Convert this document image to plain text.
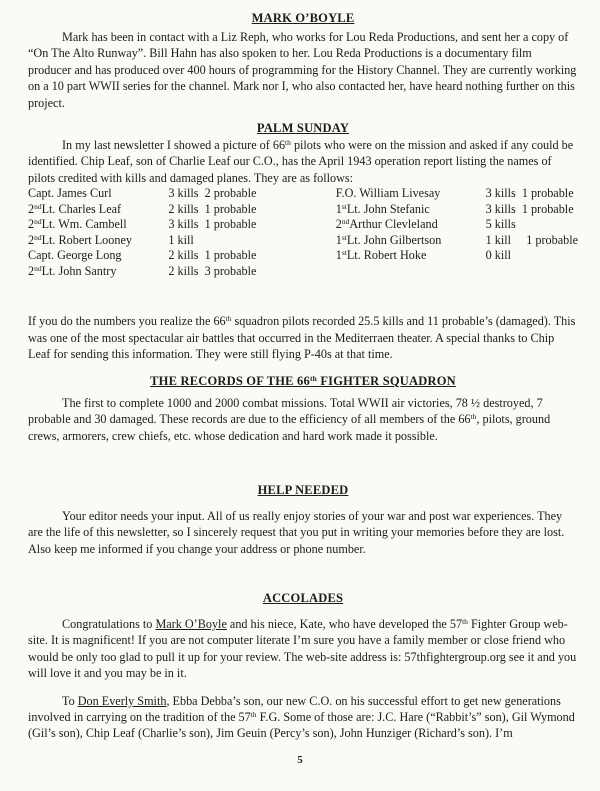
MARK O’BOYLE

Mark has been in contact with a Liz Reph, who works for Lou Reda Productions, and sent her a copy of “On The Alto Runway”. Bill Hahn has also spoken to her. Lou Reda Productions is a documentary film producer and has produced over 400 hours of programming for the History Channel. They are currently working on a 10 part WWII series for the channel. Mark nor I, who also contacted her, have heard nothing further on this project.

PALM SUNDAY

In my last newsletter I showed a picture of 66th pilots who were on the mission and asked if any could be identified. Chip Leaf, son of Charlie Leaf our C.O., has the April 1943 operation report listing the names of pilots credited with kills and damaged planes. They are as follows:

Capt. James Curl	3 kills  2 probable	F.O. William Livesay	3 kills  1 probable
2ndLt. Charles Leaf	2 kills  1 probable	1stLt. John Stefanic	3 kills  1 probable
2ndLt. Wm. Cambell	3 kills  1 probable	2ndArthur Clevleland	5 kills
2ndLt. Robert Looney	1 kill	1stLt. John Gilbertson	1 kill     1 probable
Capt. George Long	2 kills  1 probable	1stLt. Robert Hoke	0 kill
2ndLt. John Santry	2 kills  3 probable		

If you do the numbers you realize the 66th squadron pilots recorded 25.5 kills and 11 probable’s (damaged). This was one of the most spectacular air battles that occurred in the Mediterraen theater. A special thanks to Chip Leaf for sending this information. They were still flying P-40s at that time.

THE RECORDS OF THE 66th FIGHTER SQUADRON

The first to complete 1000 and 2000 combat missions. Total WWII air victories, 78 ½ destroyed, 7 probable and 30 damaged. These records are due to the efficiency of all members of the 66th, pilots, ground crews, armorers, crew chiefs, etc. whose dedication and hard work made it possible.

HELP NEEDED

Your editor needs your input. All of us really enjoy stories of your war and post war experiences. They are the life of this newsletter, so I sincerely request that you put in writing your memories before they are lost. Also keep me informed if you change your address or phone number.

ACCOLADES

Congratulations to Mark O’Boyle and his niece, Kate, who have developed the 57th Fighter Group web-site. It is magnificent! If you are not computer literate I’m sure you have a family member or close friend who would be only too glad to pull it up for your review. The web-site address is: 57thfightergroup.org see it and you will love it and you may be in it.

To Don Everly Smith, Ebba Debba’s son, our new C.O. on his successful effort to get new generations involved in carrying on the tradition of the 57th F.G. Some of those are: J.C. Hare (“Rabbit’s” son), Gil Wymond (Gil’s son), Chip Leaf (Charlie’s son), Jim Geuin (Percy’s son), John Hunziger (Richard’s son). I’m

5
